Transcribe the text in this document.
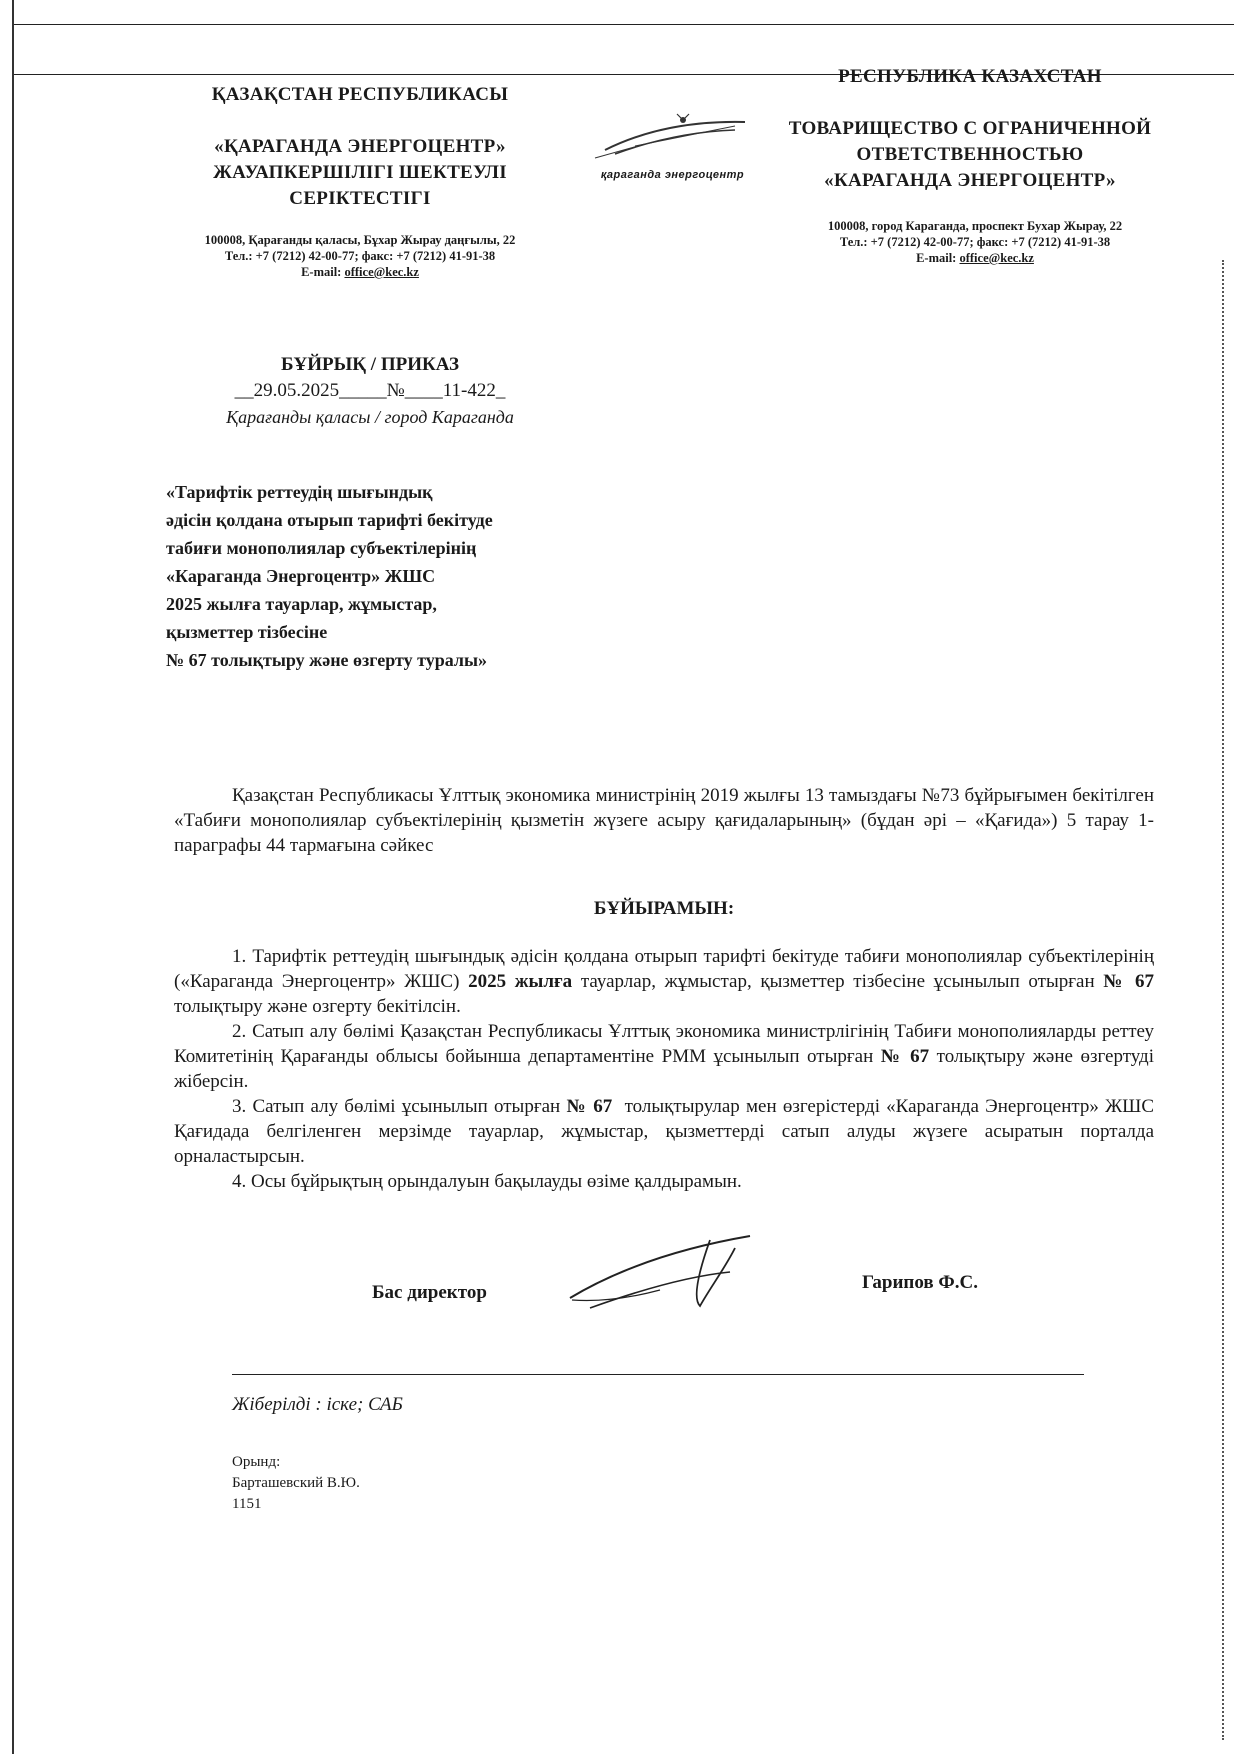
ҚАЗАҚСТАН РЕСПУБЛИКАСЫ
«ҚАРАГАНДА ЭНЕРГОЦЕНТР»
ЖАУАПКЕРШІЛІГІ ШЕКТЕУЛІ
СЕРІКТЕСТІГІ
100008, Қарағанды қаласы, Бұхар Жырау даңғылы, 22
Тел.: +7 (7212) 42-00-77; факс: +7 (7212) 41-91-38
E-mail: office@kec.kz
қараганда энергоцентр
РЕСПУБЛИКА КАЗАХСТАН
ТОВАРИЩЕСТВО С ОГРАНИЧЕННОЙ
ОТВЕТСТВЕННОСТЬЮ
«КАРАГАНДА ЭНЕРГОЦЕНТР»
100008, город Караганда, проспект Бухар Жырау, 22
Тел.: +7 (7212) 42-00-77; факс: +7 (7212) 41-91-38
E-mail: office@kec.kz
БҰЙРЫҚ / ПРИКАЗ
__29.05.2025_____№____11-422_
Қарағанды қаласы / город Караганда
«Тарифтік реттеудің шығындық
әдісін қолдана отырып тарифті бекітуде
табиғи монополиялар субъектілерінің
«Караганда Энергоцентр» ЖШС
2025 жылға тауарлар, жұмыстар,
қызметтер тізбесіне
№ 67 толықтыру және өзгерту туралы»

Қазақстан Республикасы Ұлттық экономика министрінің 2019 жылғы 13 тамыздағы №73 бұйрығымен бекітілген «Табиғи монополиялар субъектілерінің қызметін жүзеге асыру қағидаларының» (бұдан әрі – «Қағида») 5 тарау 1-параграфы 44 тармағына сәйкес

БҰЙЫРАМЫН:

1. Тарифтік реттеудің шығындық әдісін қолдана отырып тарифті бекітуде табиғи монополиялар субъектілерінің («Караганда Энергоцентр» ЖШС) 2025 жылға тауарлар, жұмыстар, қызметтер тізбесіне ұсынылып отырған № 67 толықтыру және озгерту бекітілсін.

2. Сатып алу бөлімі Қазақстан Республикасы Ұлттық экономика министрлігінің Табиғи монополияларды реттеу Комитетінің Қарағанды облысы бойынша департаментіне РММ ұсынылып отырған № 67 толықтыру және өзгертуді жіберсін.

3. Сатып алу бөлімі ұсынылып отырған № 67  толықтырулар мен өзгерістерді «Караганда Энергоцентр» ЖШС Қағидада белгіленген мерзімде тауарлар, жұмыстар, қызметтерді сатып алуды жүзеге асыратын порталда орналастырсын.

4. Осы бұйрықтың орындалуын бақылауды өзіме қалдырамын.

Бас директор	Гарипов Ф.С.
Жіберілді : іске; САБ
Орынд:
Барташевский В.Ю.
1151
